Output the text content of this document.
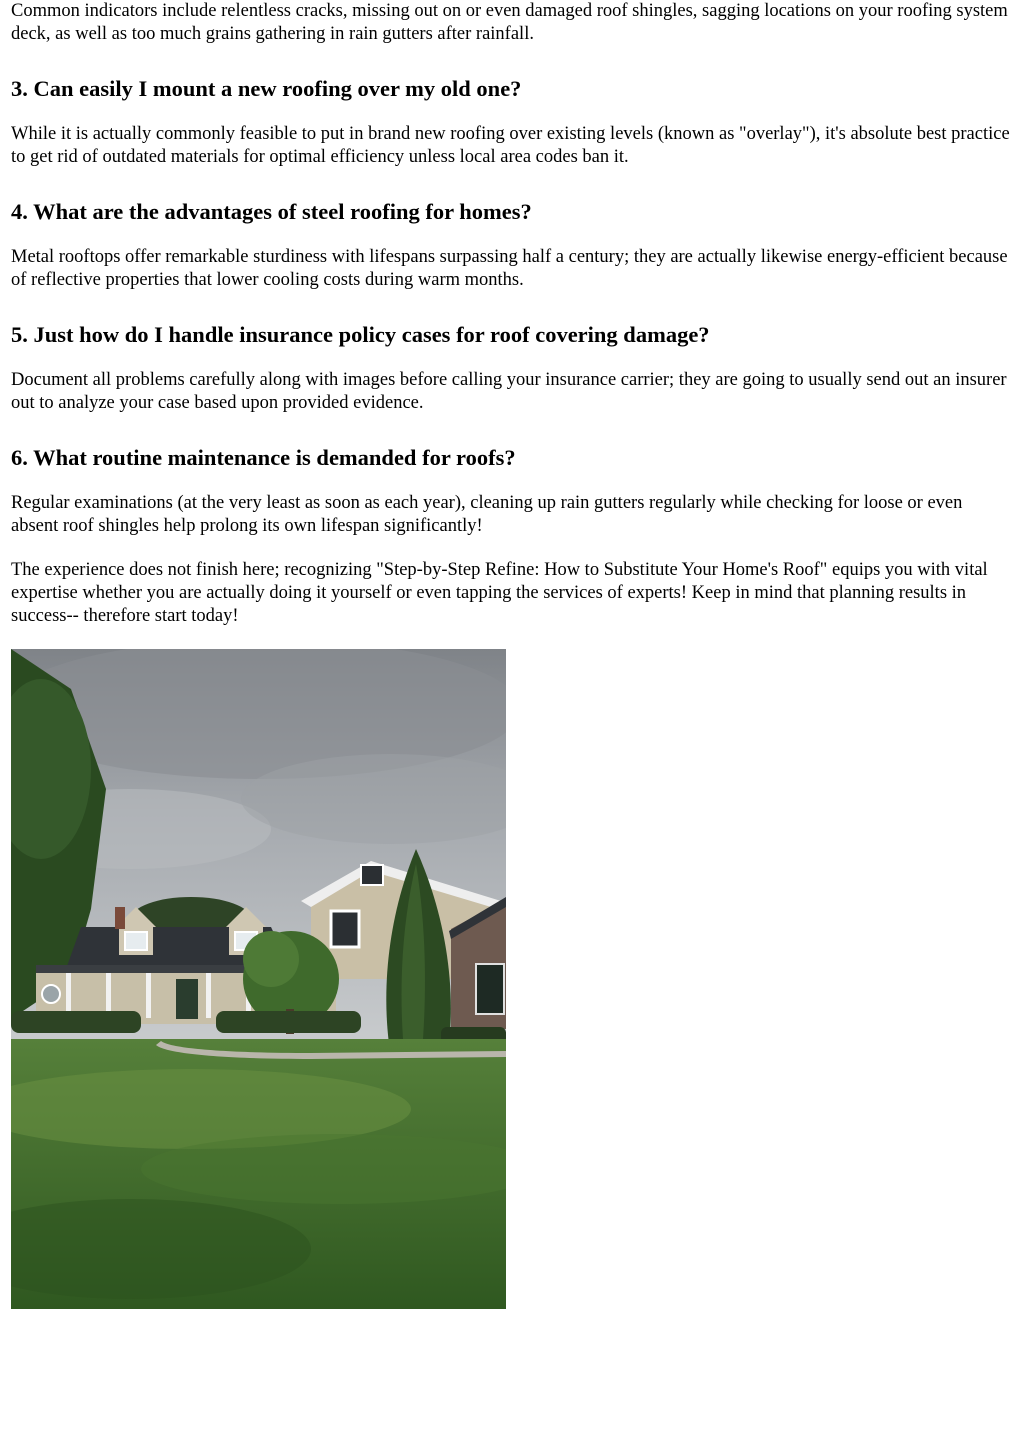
Common indicators include relentless cracks, missing out on or even damaged roof shingles, sagging locations on your roofing system deck, as well as too much grains gathering in rain gutters after rainfall.

3. Can easily I mount a new roofing over my old one?

While it is actually commonly feasible to put in brand new roofing over existing levels (known as "overlay"), it's absolute best practice to get rid of outdated materials for optimal efficiency unless local area codes ban it.

4. What are the advantages of steel roofing for homes?

Metal rooftops offer remarkable sturdiness with lifespans surpassing half a century; they are actually likewise energy-efficient because of reflective properties that lower cooling costs during warm months.

5. Just how do I handle insurance policy cases for roof covering damage?

Document all problems carefully along with images before calling your insurance carrier; they are going to usually send out an insurer out to analyze your case based upon provided evidence.

6. What routine maintenance is demanded for roofs?

Regular examinations (at the very least as soon as each year), cleaning up rain gutters regularly while checking for loose or even absent roof shingles help prolong its own lifespan significantly!

The experience does not finish here; recognizing "Step-by-Step Refine: How to Substitute Your Home's Roof" equips you with vital expertise whether you are actually doing it yourself or even tapping the services of experts! Keep in mind that planning results in success-- therefore start today!
